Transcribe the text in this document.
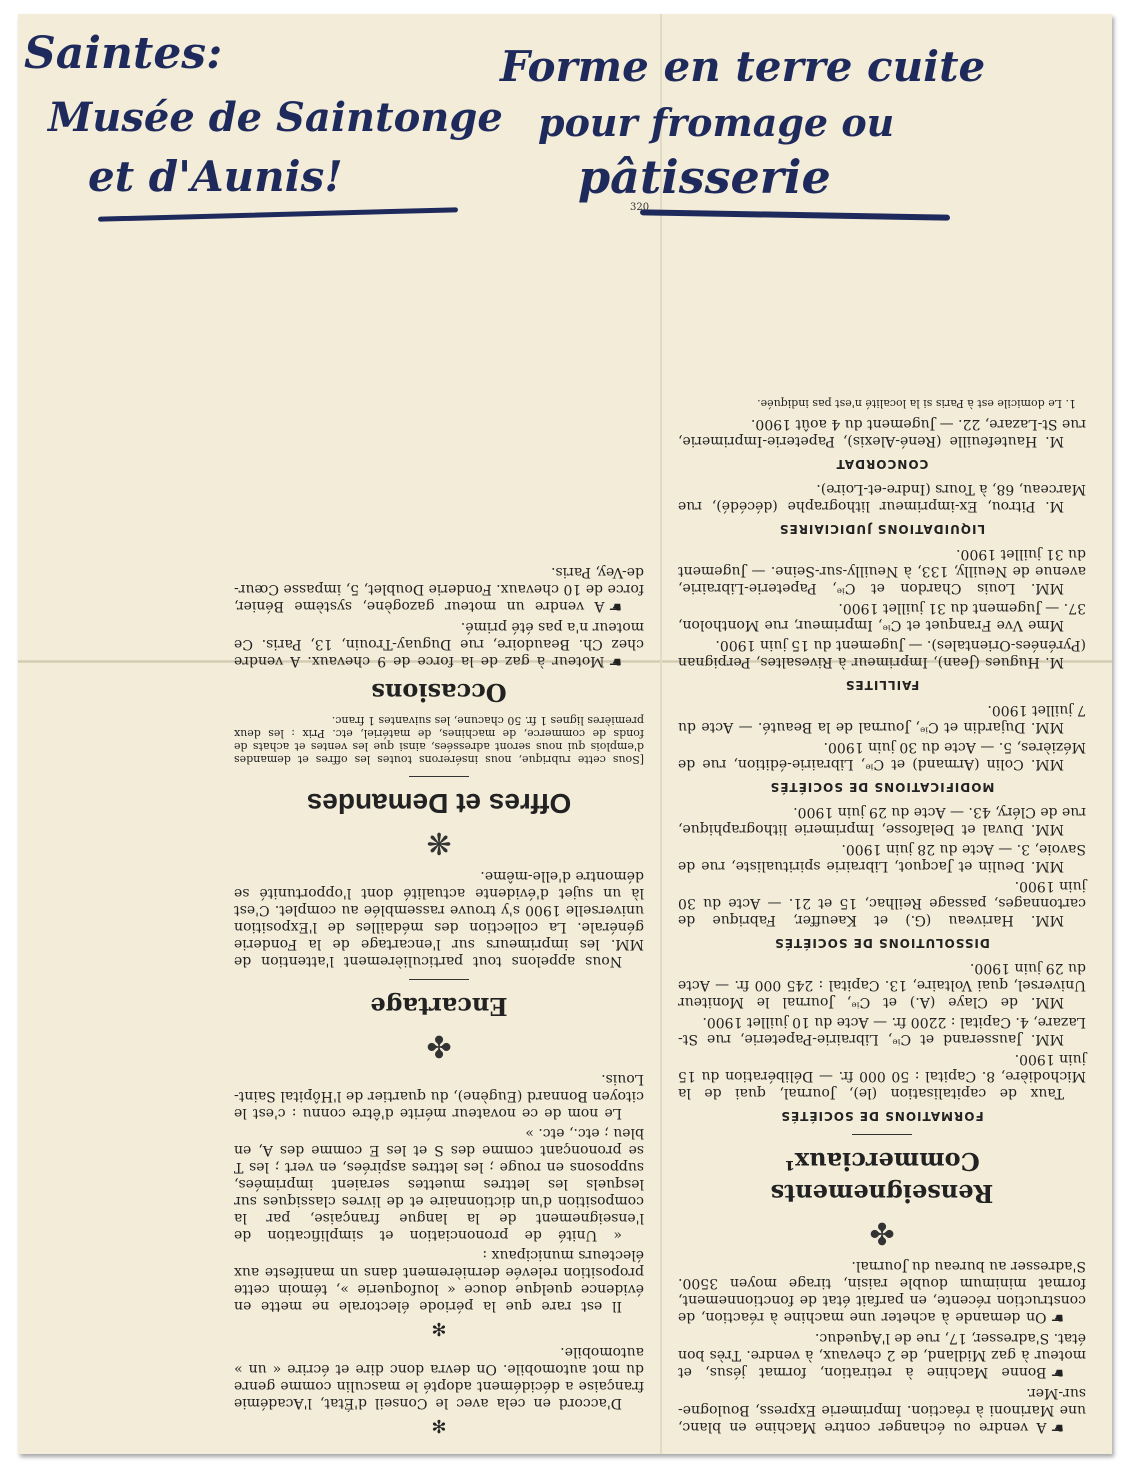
☛A vendre ou échanger contre Machine en blanc, une Marinoni à réaction. Imprimerie Express, Boulogne-sur-Mer.

☛Bonne Machine à retiration, format jésus, et moteur à gaz Midland, de 2 chevaux, à vendre. Très bon état. S'adresser, 17, rue de l'Aqueduc.

☛On demande à acheter une machine à réaction, de construction récente, en parfait état de fonctionnement, format minimum double raisin, tirage moyen 3500. S'adresser au bureau du Journal.

✤
Renseignements Commerciaux¹
FORMATIONS DE SOCIÉTÉS

Taux de capitalisation (le), Journal, quai de la Michodière, 8. Capital : 50 000 fr. — Délibération du 15 juin 1900.

MM. Jausserand et Cⁱᵉ, Librairie-Papeterie, rue St-Lazare, 4. Capital : 2200 fr. — Acte du 10 juillet 1900.

MM. de Claye (A.) et Cⁱᵉ, Journal le Moniteur Universel, quai Voltaire, 13. Capital : 245 000 fr. — Acte du 29 juin 1900.

DISSOLUTIONS DE SOCIÉTÉS

MM. Hariveau (G.) et Kaeuffer, Fabrique de cartonnages, passage Reilhac, 15 et 21. — Acte du 30 juin 1900.

MM. Deulin et Jacquot, Librairie spiritualiste, rue de Savoie, 3. — Acte du 28 juin 1900.

MM. Duval et Delafosse, Imprimerie lithographique, rue de Cléry, 43. — Acte du 29 juin 1900.

MODIFICATIONS DE SOCIÉTÉS

MM. Colin (Armand) et Cⁱᵉ, Librairie-édition, rue de Mézières, 5. — Acte du 30 juin 1900.

MM. Dujardin et Cⁱᵉ, Journal de la Beauté. — Acte du 7 juillet 1900.

FAILLITES

M. Hugues (Jean), Imprimeur à Rivesaltes, Perpignan (Pyrénées-Orientales). — Jugement du 15 juin 1900.

Mme Vve Franquet et Cⁱᵉ, Imprimeur, rue Montholon, 37. — Jugement du 31 juillet 1900.

MM. Louis Chardon et Cⁱᵉ, Papeterie-Librairie, avenue de Neuilly, 133, à Neuilly-sur-Seine. — Jugement du 31 juillet 1900.

LIQUIDATIONS JUDICIAIRES

M. Pitrou, Ex-imprimeur lithographe (décédé), rue Marceau, 68, à Tours (Indre-et-Loire).

CONCORDAT

M. Hautefeuille (René-Alexis), Papeterie-Imprimerie, rue St-Lazare, 22. — Jugement du 4 août 1900.

1. Le domicile est à Paris si la localité n'est pas indiquée.

✻

D'accord en cela avec le Conseil d'État, l'Académie française a décidément adopté le masculin comme genre du mot automobile. On devra donc dire et écrire « un » automobile.

✻

Il est rare que la période électorale ne mette en évidence quelque douce « loufoquerie », témoin cette proposition relevée dernièrement dans un manifeste aux électeurs municipaux :

« Unité de prononciation et simplification de l'enseignement de la langue française, par la composition d'un dictionnaire et de livres classiques sur lesquels les lettres muettes seraient imprimées, supposons en rouge ; les lettres aspirées, en vert ; les T se prononçant comme des S et les E comme des A, en bleu ; etc., etc. »

Le nom de ce novateur mérite d'être connu : c'est le citoyen Bonnard (Eugène), du quartier de l'Hôpital Saint-Louis.

✤
Encartage

Nous appelons tout particulièrement l'attention de MM. les imprimeurs sur l'encartage de la Fonderie générale. La collection des médailles de l'Exposition universelle 1900 s'y trouve rassemblée au complet. C'est là un sujet d'évidente actualité dont l'opportunité se démontre d'elle-même.

❋
Offres et Demandes

[Sous cette rubrique, nous insérerons toutes les offres et demandes d'emplois qui nous seront adressées, ainsi que les ventes et achats de fonds de commerce, de machines, de matériel, etc. Prix : les deux premières lignes 1 fr. 50 chacune, les suivantes 1 franc.

Occasions

☛Moteur à gaz de la force de 9 chevaux. A vendre chez Ch. Beaudoire, rue Duguay-Trouin, 13, Paris. Ce moteur n'a pas été primé.

☛A vendre un moteur gazogène, système Bénier, force de 10 chevaux. Fonderie Doublet, 5, impasse Cœur-de-Vey, Paris.

Saintes:
Musée de Saintonge
et d'Aunis!
Forme en terre cuite
pour fromage ou
pâtisserie
320
